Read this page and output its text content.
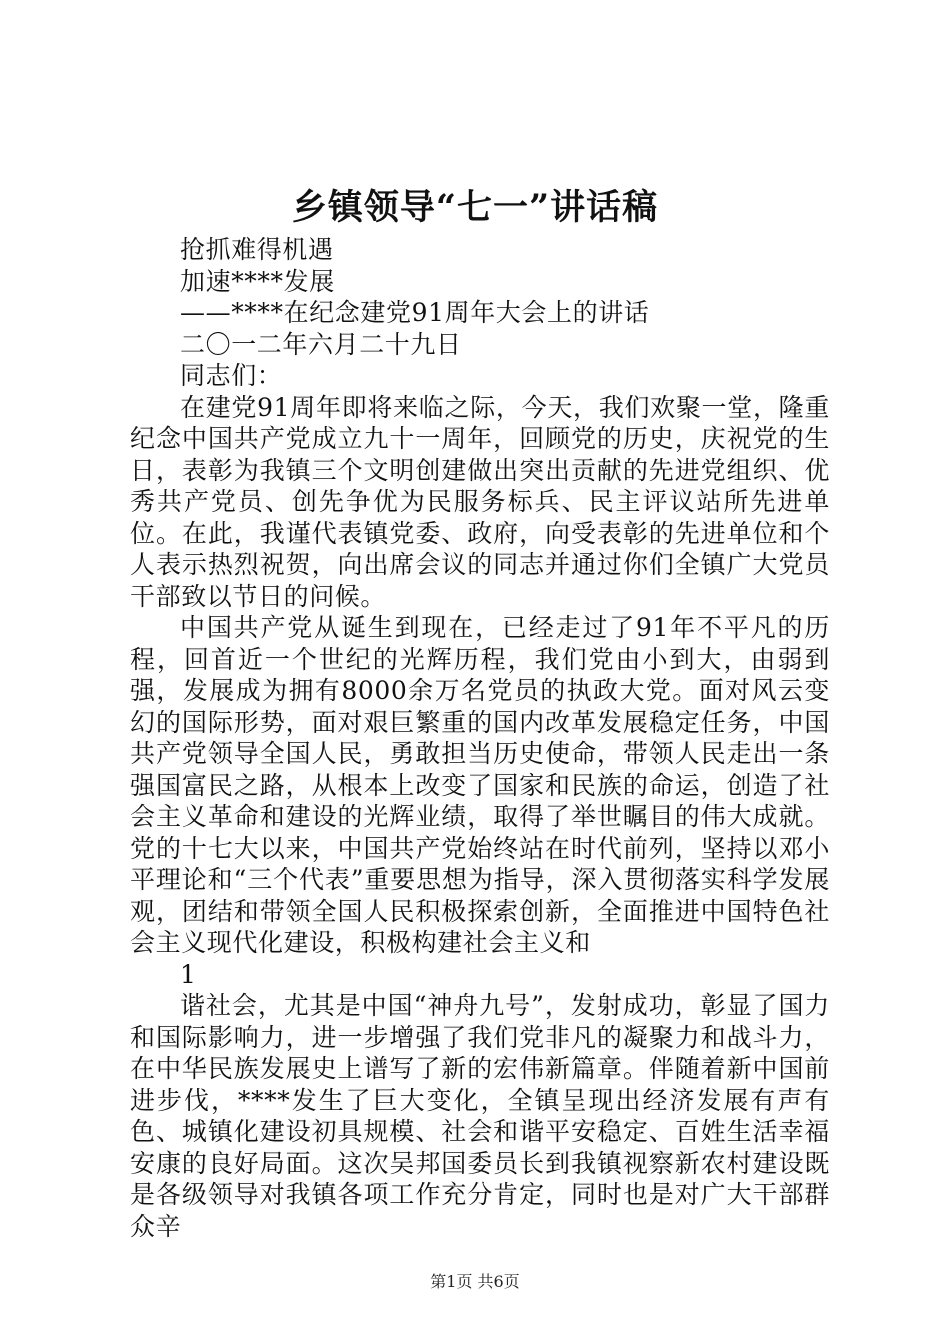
乡镇领导“七一”讲话稿

抢抓难得机遇

加速****发展

——****在纪念建党91周年大会上的讲话

二〇一二年六月二十九日

同志们：

在建党91周年即将来临之际，今天，我们欢聚一堂，隆重纪念中国共产党成立九十一周年，回顾党的历史，庆祝党的生日，表彰为我镇三个文明创建做出突出贡献的先进党组织、优秀共产党员、创先争优为民服务标兵、民主评议站所先进单位。在此，我谨代表镇党委、政府，向受表彰的先进单位和个人表示热烈祝贺，向出席会议的同志并通过你们全镇广大党员干部致以节日的问候。

中国共产党从诞生到现在，已经走过了91年不平凡的历程，回首近一个世纪的光辉历程，我们党由小到大，由弱到强，发展成为拥有8000余万名党员的执政大党。面对风云变幻的国际形势，面对艰巨繁重的国内改革发展稳定任务，中国共产党领导全国人民，勇敢担当历史使命，带领人民走出一条强国富民之路，从根本上改变了国家和民族的命运，创造了社会主义革命和建设的光辉业绩，取得了举世瞩目的伟大成就。党的十七大以来，中国共产党始终站在时代前列，坚持以邓小平理论和“三个代表”重要思想为指导，深入贯彻落实科学发展观，团结和带领全国人民积极探索创新，全面推进中国特色社会主义现代化建设，积极构建社会主义和

1

谐社会，尤其是中国“神舟九号”，发射成功，彰显了国力和国际影响力，进一步增强了我们党非凡的凝聚力和战斗力，在中华民族发展史上谱写了新的宏伟新篇章。伴随着新中国前进步伐，****发生了巨大变化，全镇呈现出经济发展有声有色、城镇化建设初具规模、社会和谐平安稳定、百姓生活幸福安康的良好局面。这次吴邦国委员长到我镇视察新农村建设既是各级领导对我镇各项工作充分肯定，同时也是对广大干部群众辛

第1页 共6页
